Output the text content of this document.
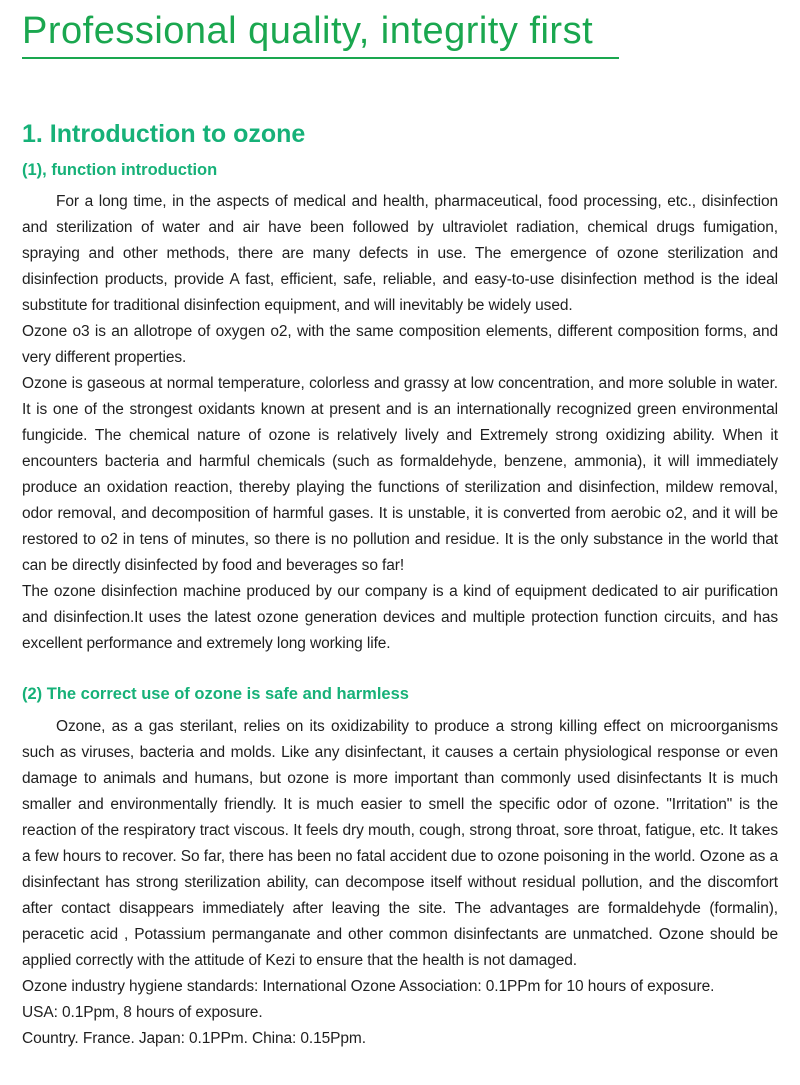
Professional quality, integrity first
1. Introduction to ozone
(1), function introduction

For a long time, in the aspects of medical and health, pharmaceutical, food processing, etc., disinfection and sterilization of water and air have been followed by ultraviolet radiation, chemical drugs fumigation, spraying and other methods, there are many defects in use. The emergence of ozone sterilization and disinfection products, provide A fast, efficient, safe, reliable, and easy-to-use disinfection method is the ideal substitute for traditional disinfection equipment, and will inevitably be widely used.

Ozone o3 is an allotrope of oxygen o2, with the same composition elements, different composition forms, and very different properties.

Ozone is gaseous at normal temperature, colorless and grassy at low concentration, and more soluble in water. It is one of the strongest oxidants known at present and is an internationally recognized green environmental fungicide. The chemical nature of ozone is relatively lively and Extremely strong oxidizing ability. When it encounters bacteria and harmful chemicals (such as formaldehyde, benzene, ammonia), it will immediately produce an oxidation reaction, thereby playing the functions of sterilization and disinfection, mildew removal, odor removal, and decomposition of harmful gases. It is unstable, it is converted from aerobic o2, and it will be restored to o2 in tens of minutes, so there is no pollution and residue. It is the only substance in the world that can be directly disinfected by food and beverages so far!

The ozone disinfection machine produced by our company is a kind of equipment dedicated to air purification and disinfection.It uses the latest ozone generation devices and multiple protection function circuits, and has excellent performance and extremely long working life.

(2) The correct use of ozone is safe and harmless

Ozone, as a gas sterilant, relies on its oxidizability to produce a strong killing effect on microorganisms such as viruses, bacteria and molds. Like any disinfectant, it causes a certain physiological response or even damage to animals and humans, but ozone is more important than commonly used disinfectants It is much smaller and environmentally friendly. It is much easier to smell the specific odor of ozone. "Irritation" is the reaction of the respiratory tract viscous. It feels dry mouth, cough, strong throat, sore throat, fatigue, etc. It takes a few hours to recover. So far, there has been no fatal accident due to ozone poisoning in the world. Ozone as a disinfectant has strong sterilization ability, can decompose itself without residual pollution, and the discomfort after contact disappears immediately after leaving the site. The advantages are formaldehyde (formalin), peracetic acid , Potassium permanganate and other common disinfectants are unmatched. Ozone should be applied correctly with the attitude of Kezi to ensure that the health is not damaged.

Ozone industry hygiene standards: International Ozone Association: 0.1PPm for 10 hours of exposure.

USA: 0.1Ppm, 8 hours of exposure.

Country. France. Japan: 0.1PPm. China: 0.15Ppm.
